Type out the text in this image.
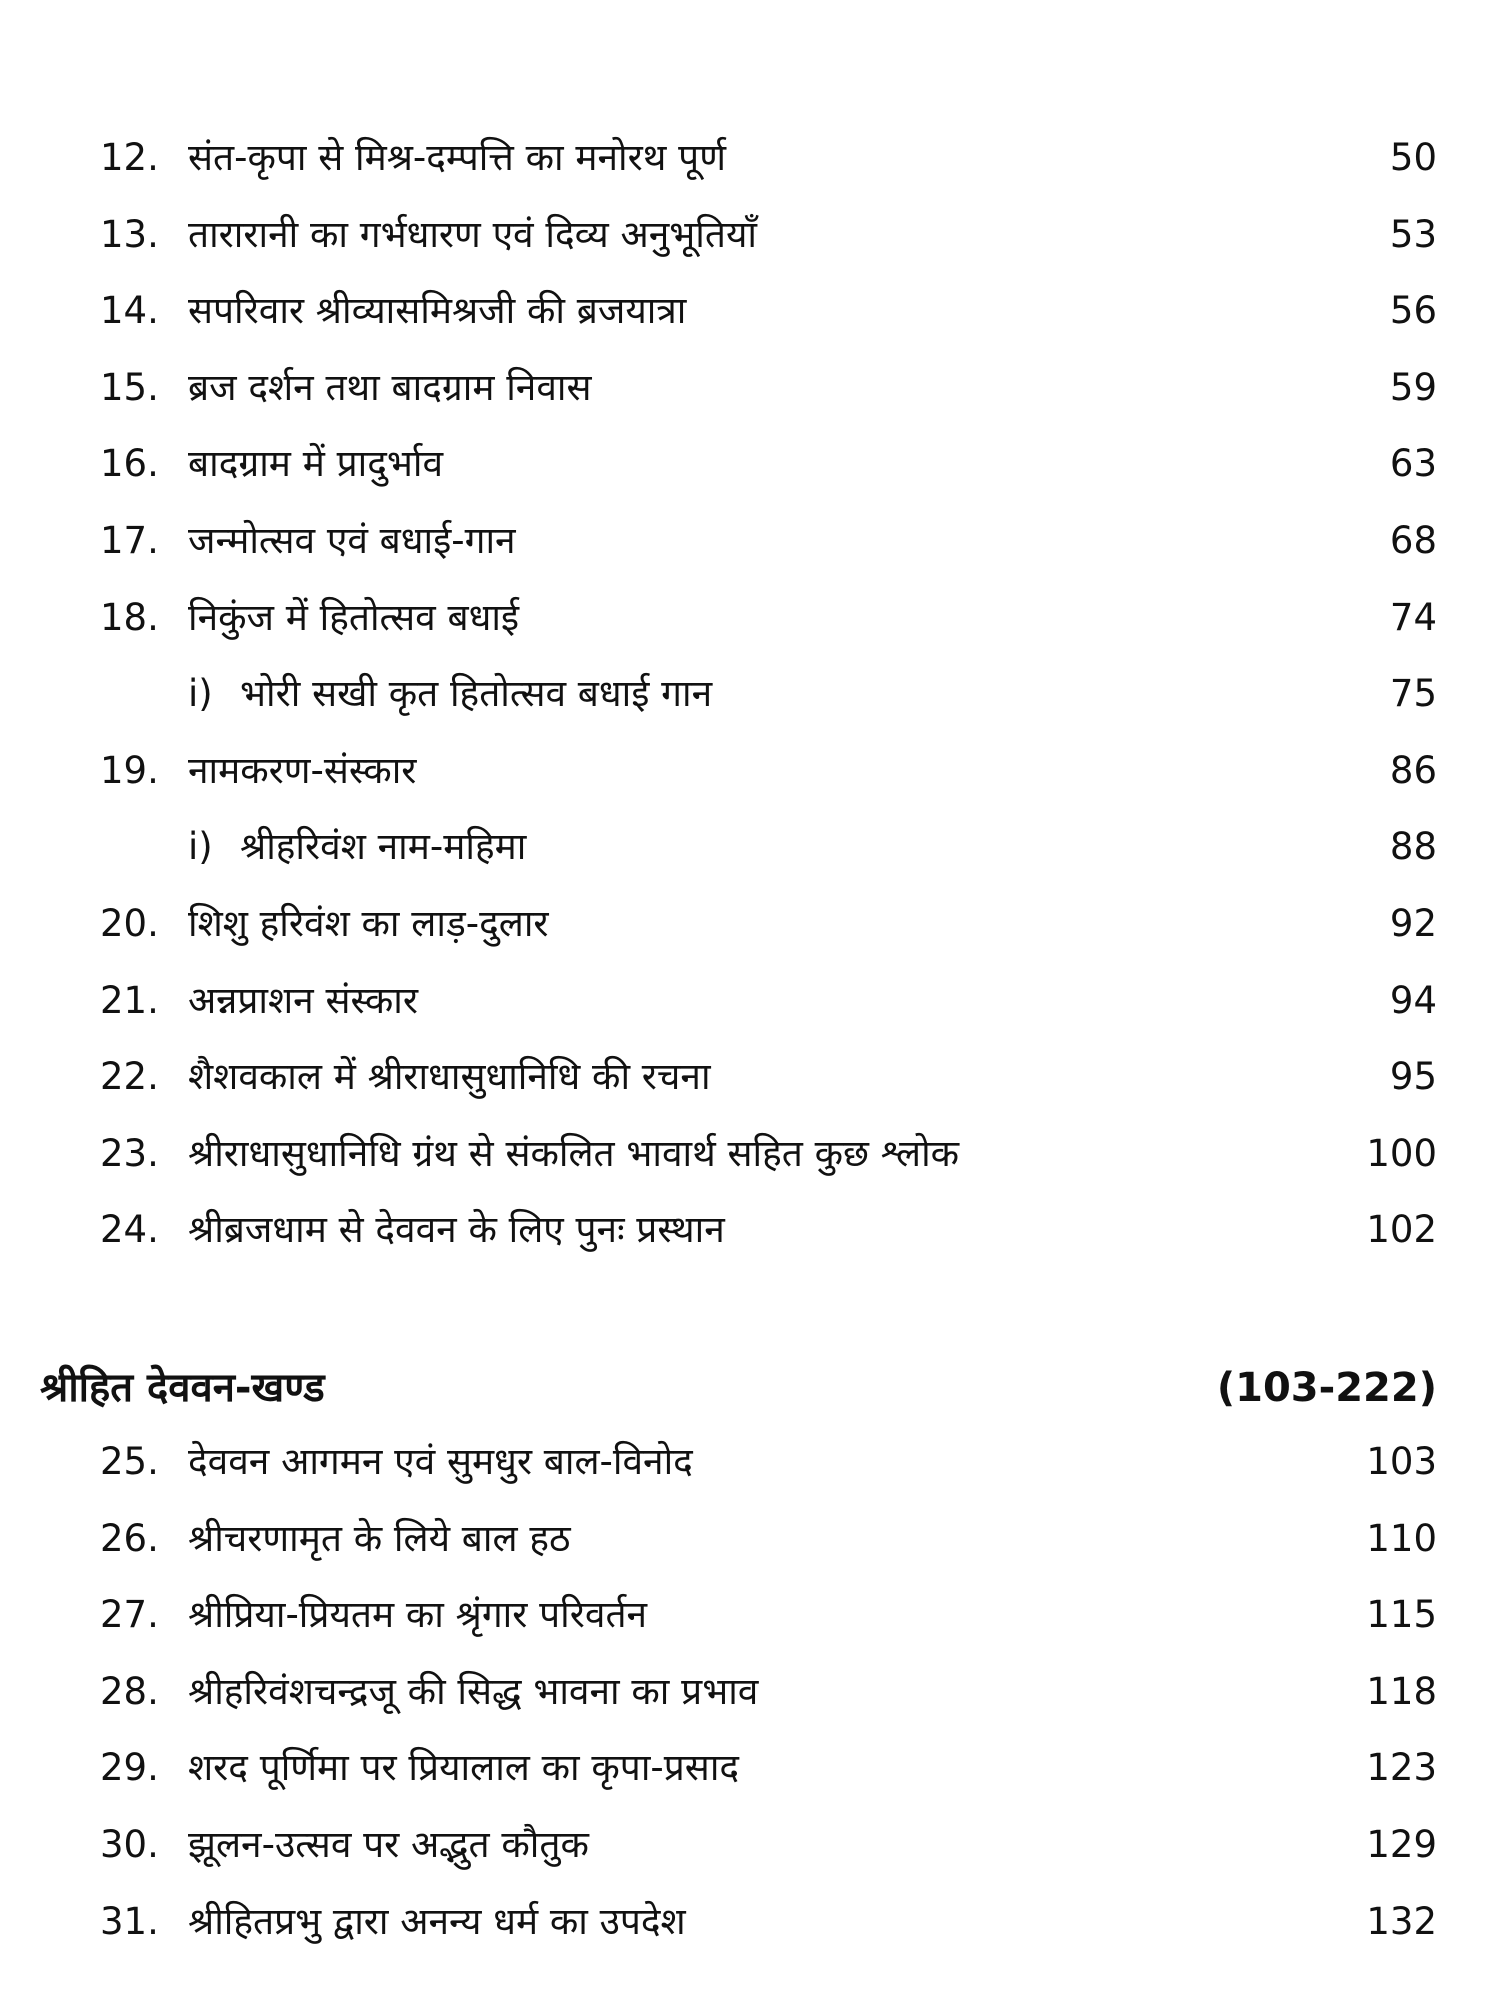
12. संत-कृपा से मिश्र-दम्पत्ति का मनोरथ पूर्ण	50
13. तारारानी का गर्भधारण एवं दिव्य अनुभूतियाँ	53
14. सपरिवार श्रीव्यासमिश्रजी की ब्रजयात्रा	56
15. ब्रज दर्शन तथा बादग्राम निवास	59
16. बादग्राम में प्रादुर्भाव	63
17. जन्मोत्सव एवं बधाई-गान	68
18. निकुंज में हितोत्सव बधाई	74
i) भोरी सखी कृत हितोत्सव बधाई गान	75
19. नामकरण-संस्कार	86
i) श्रीहरिवंश नाम-महिमा	88
20. शिशु हरिवंश का लाड़-दुलार	92
21. अन्नप्राशन संस्कार	94
22. शैशवकाल में श्रीराधासुधानिधि की रचना	95
23. श्रीराधासुधानिधि ग्रंथ से संकलित भावार्थ सहित कुछ श्लोक	100
24. श्रीब्रजधाम से देववन के लिए पुनः प्रस्थान	102
श्रीहित देववन-खण्ड	(103-222)
25. देववन आगमन एवं सुमधुर बाल-विनोद	103
26. श्रीचरणामृत के लिये बाल हठ	110
27. श्रीप्रिया-प्रियतम का श्रृंगार परिवर्तन	115
28. श्रीहरिवंशचन्द्रजू की सिद्ध भावना का प्रभाव	118
29. शरद पूर्णिमा पर प्रियालाल का कृपा-प्रसाद	123
30. झूलन-उत्सव पर अद्भुत कौतुक	129
31. श्रीहितप्रभु द्वारा अनन्य धर्म का उपदेश	132
